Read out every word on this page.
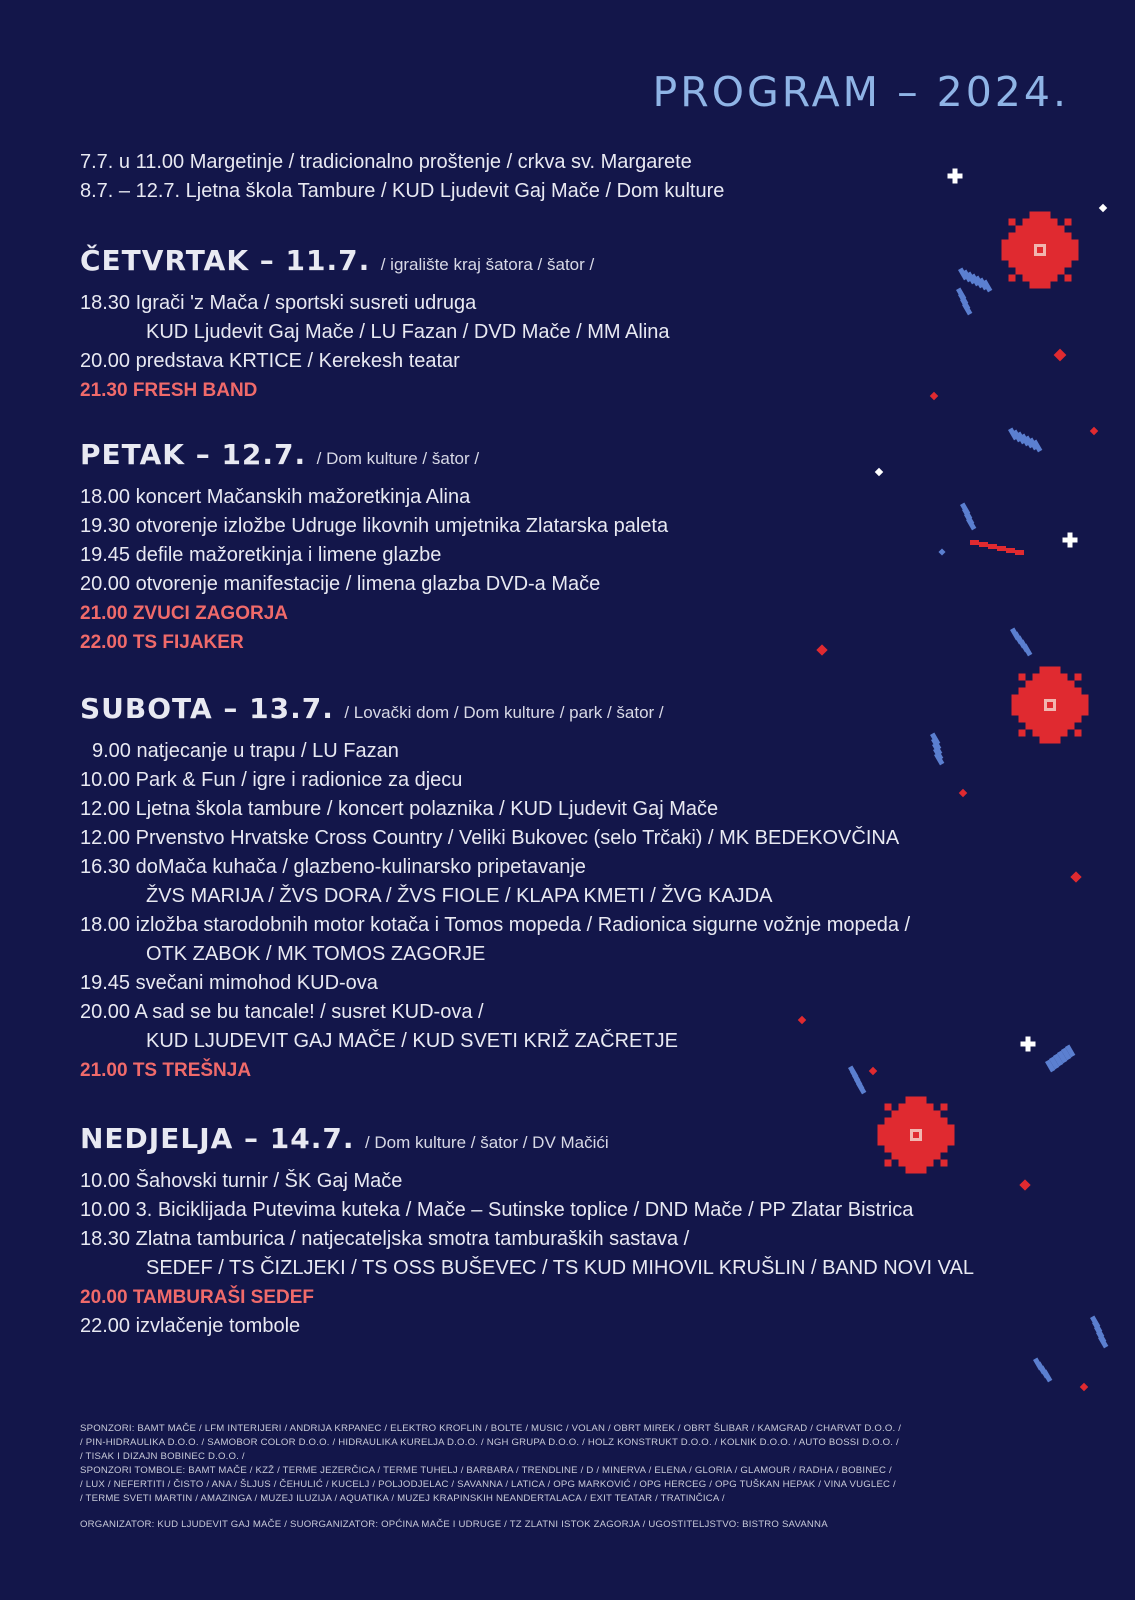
PROGRAM – 2024.
7.7. u 11.00 Margetinje / tradicionalno proštenje / crkva sv. Margarete
8.7. – 12.7. Ljetna škola Tambure / KUD Ljudevit Gaj Mače / Dom kulture
ČETVRTAK – 11.7. / igralište kraj šatora / šator /
18.30 Igrači 'z Mača / sportski susreti udruga
KUD Ljudevit Gaj Mače / LU Fazan / DVD Mače / MM Alina
20.00 predstava KRTICE / Kerekesh teatar
21.30 FRESH BAND
PETAK – 12.7. / Dom kulture / šator /
18.00 koncert Mačanskih mažoretkinja Alina
19.30 otvorenje izložbe Udruge likovnih umjetnika Zlatarska paleta
19.45 defile mažoretkinja i limene glazbe
20.00 otvorenje manifestacije / limena glazba DVD-a Mače
21.00 ZVUCI ZAGORJA
22.00 TS FIJAKER
SUBOTA – 13.7. / Lovački dom / Dom kulture / park / šator /
9.00 natjecanje u trapu / LU Fazan
10.00 Park & Fun / igre i radionice za djecu
12.00 Ljetna škola tambure / koncert polaznika / KUD Ljudevit Gaj Mače
12.00 Prvenstvo Hrvatske Cross Country / Veliki Bukovec (selo Trčaki) / MK BEDEKOVČINA
16.30 doMača kuhača / glazbeno-kulinarsko pripetavanje
ŽVS MARIJA / ŽVS DORA / ŽVS FIOLE / KLAPA KMETI / ŽVG KAJDA
18.00 izložba starodobnih motor kotača i Tomos mopeda / Radionica sigurne vožnje mopeda /
OTK ZABOK / MK TOMOS ZAGORJE
19.45 svečani mimohod KUD-ova
20.00 A sad se bu tancale! / susret KUD-ova /
KUD LJUDEVIT GAJ MAČE / KUD SVETI KRIŽ ZAČRETJE
21.00 TS TREŠNJA
NEDJELJA – 14.7. / Dom kulture / šator / DV Mačići
10.00 Šahovski turnir / ŠK Gaj Mače
10.00 3. Biciklijada Putevima kuteka / Mače – Sutinske toplice / DND Mače / PP Zlatar Bistrica
18.30 Zlatna tamburica / natjecateljska smotra tamburaških sastava /
SEDEF / TS ČIZLJEKI / TS OSS BUŠEVEC / TS KUD MIHOVIL KRUŠLIN / BAND NOVI VAL
20.00 TAMBURAŠI SEDEF
22.00 izvlačenje tombole
SPONZORI: BAMT MAČE / LFM INTERIJERI / ANDRIJA KRPANEC / ELEKTRO KROFLIN / BOLTE / MUSIC / VOLAN / OBRT MIREK / OBRT ŠLIBAR / KAMGRAD / CHARVAT D.O.O. /
/ PIN-HIDRAULIKA D.O.O. / SAMOBOR COLOR D.O.O. / HIDRAULIKA KURELJA D.O.O. / NGH GRUPA D.O.O. / HOLZ KONSTRUKT D.O.O. / KOLNIK D.O.O. / AUTO BOSSI D.O.O. /
/ TISAK I DIZAJN BOBINEC D.O.O. /
SPONZORI TOMBOLE: BAMT MAČE / KZŽ / TERME JEZERČICA / TERME TUHELJ / BARBARA / TRENDLINE / D / MINERVA / ELENA / GLORIA / GLAMOUR / RADHA / BOBINEC /
/ LUX / NEFERTITI / ČISTO / ANA / ŠLJUS / ČEHULIĆ / KUCELJ / POLJODJELAC / SAVANNA / LATICA / OPG MARKOVIĆ / OPG HERCEG / OPG TUŠKAN HEPAK / VINA VUGLEC /
/ TERME SVETI MARTIN / AMAZINGA / MUZEJ ILUZIJA / AQUATIKA / MUZEJ KRAPINSKIH NEANDERTALACA / EXIT TEATAR / TRATINČICA /
ORGANIZATOR: KUD LJUDEVIT GAJ MAČE / SUORGANIZATOR: OPĆINA MAČE I UDRUGE / TZ ZLATNI ISTOK ZAGORJA / UGOSTITELJSTVO: BISTRO SAVANNA
